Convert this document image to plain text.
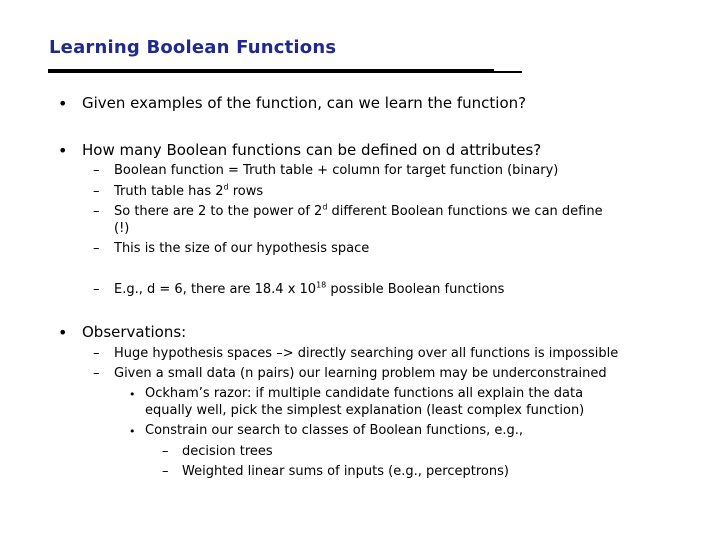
Learning Boolean Functions
• Given examples of the function, can we learn the function?
• How many Boolean functions can be defined on d attributes?
– Boolean function = Truth table + column for target function (binary)
– Truth table has 2$^d$ rows
– So there are 2 to the power of 2$^d$ different Boolean functions we can define
(!)
– This is the size of our hypothesis space
– E.g., d = 6, there are 18.4 x $10^{18}$ possible Boolean functions
• Observations:
– Huge hypothesis spaces –> directly searching over all functions is impossible
– Given a small data (n pairs) our learning problem may be underconstrained
• Ockham’s razor: if multiple candidate functions all explain the data
equally well, pick the simplest explanation (least complex function)
• Constrain our search to classes of Boolean functions, e.g.,
– decision trees
– Weighted linear sums of inputs (e.g., perceptrons)
